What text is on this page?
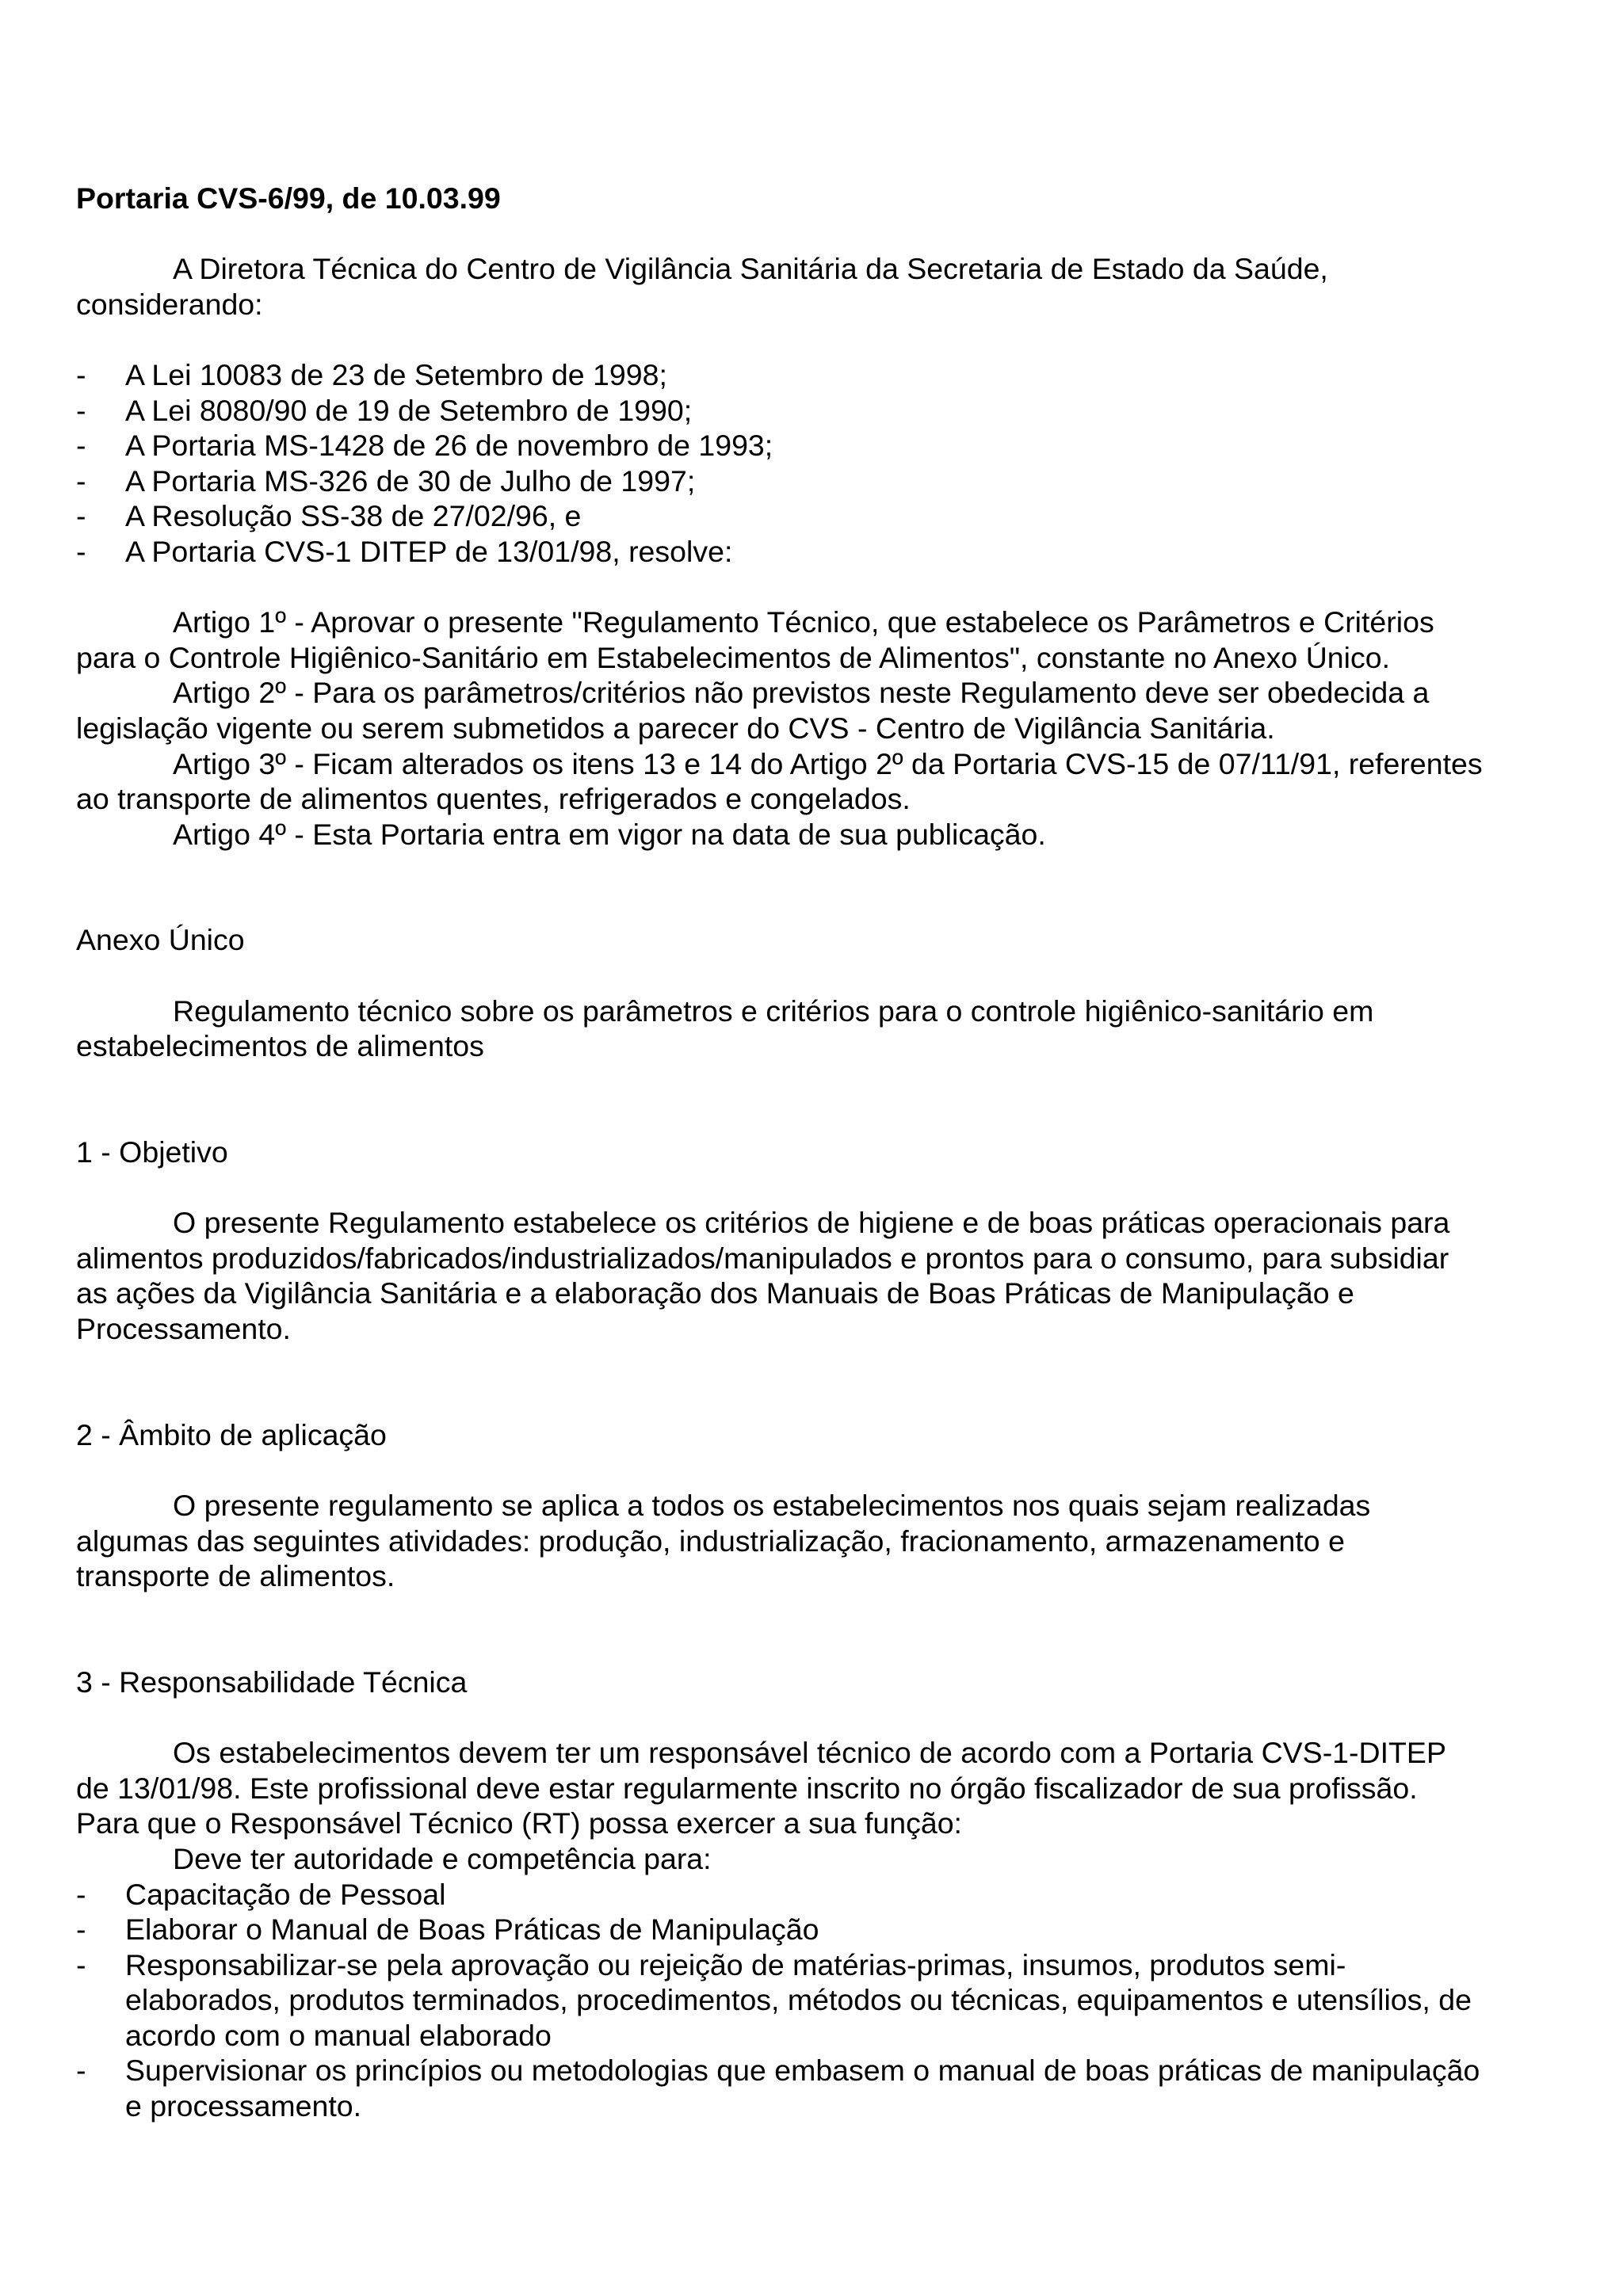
Portaria CVS-6/99, de 10.03.99

A Diretora Técnica do Centro de Vigilância Sanitária da Secretaria de Estado da Saúde, considerando:

- A Lei 10083 de 23 de Setembro de 1998;
- A Lei 8080/90 de 19 de Setembro de 1990;
- A Portaria MS-1428 de 26 de novembro de 1993;
- A Portaria MS-326 de 30 de Julho de 1997;
- A Resolução SS-38 de 27/02/96, e
- A Portaria CVS-1 DITEP de 13/01/98, resolve:

Artigo 1º - Aprovar o presente "Regulamento Técnico, que estabelece os Parâmetros e Critérios para o Controle Higiênico-Sanitário em Estabelecimentos de Alimentos", constante no Anexo Único.

Artigo 2º - Para os parâmetros/critérios não previstos neste Regulamento deve ser obedecida a legislação vigente ou serem submetidos a parecer do CVS - Centro de Vigilância Sanitária.

Artigo 3º - Ficam alterados os itens 13 e 14 do Artigo 2º da Portaria CVS-15 de 07/11/91, referentes ao transporte de alimentos quentes, refrigerados e congelados.

Artigo 4º - Esta Portaria entra em vigor na data de sua publicação.

Anexo Único

Regulamento técnico sobre os parâmetros e critérios para o controle higiênico-sanitário em estabelecimentos de alimentos

1 - Objetivo

O presente Regulamento estabelece os critérios de higiene e de boas práticas operacionais para alimentos produzidos/fabricados/industrializados/manipulados e prontos para o consumo, para subsidiar as ações da Vigilância Sanitária e a elaboração dos Manuais de Boas Práticas de Manipulação e Processamento.

2 - Âmbito de aplicação

O presente regulamento se aplica a todos os estabelecimentos nos quais sejam realizadas algumas das seguintes atividades: produção, industrialização, fracionamento, armazenamento e transporte de alimentos.

3 - Responsabilidade Técnica

Os estabelecimentos devem ter um responsável técnico de acordo com a Portaria CVS-1-DITEP de 13/01/98. Este profissional deve estar regularmente inscrito no órgão fiscalizador de sua profissão. Para que o Responsável Técnico (RT) possa exercer a sua função:

Deve ter autoridade e competência para:

- Capacitação de Pessoal
- Elaborar o Manual de Boas Práticas de Manipulação
- Responsabilizar-se pela aprovação ou rejeição de matérias-primas, insumos, produtos semi-elaborados, produtos terminados, procedimentos, métodos ou técnicas, equipamentos e utensílios, de acordo com o manual elaborado
- Supervisionar os princípios ou metodologias que embasem o manual de boas práticas de manipulação e processamento.
